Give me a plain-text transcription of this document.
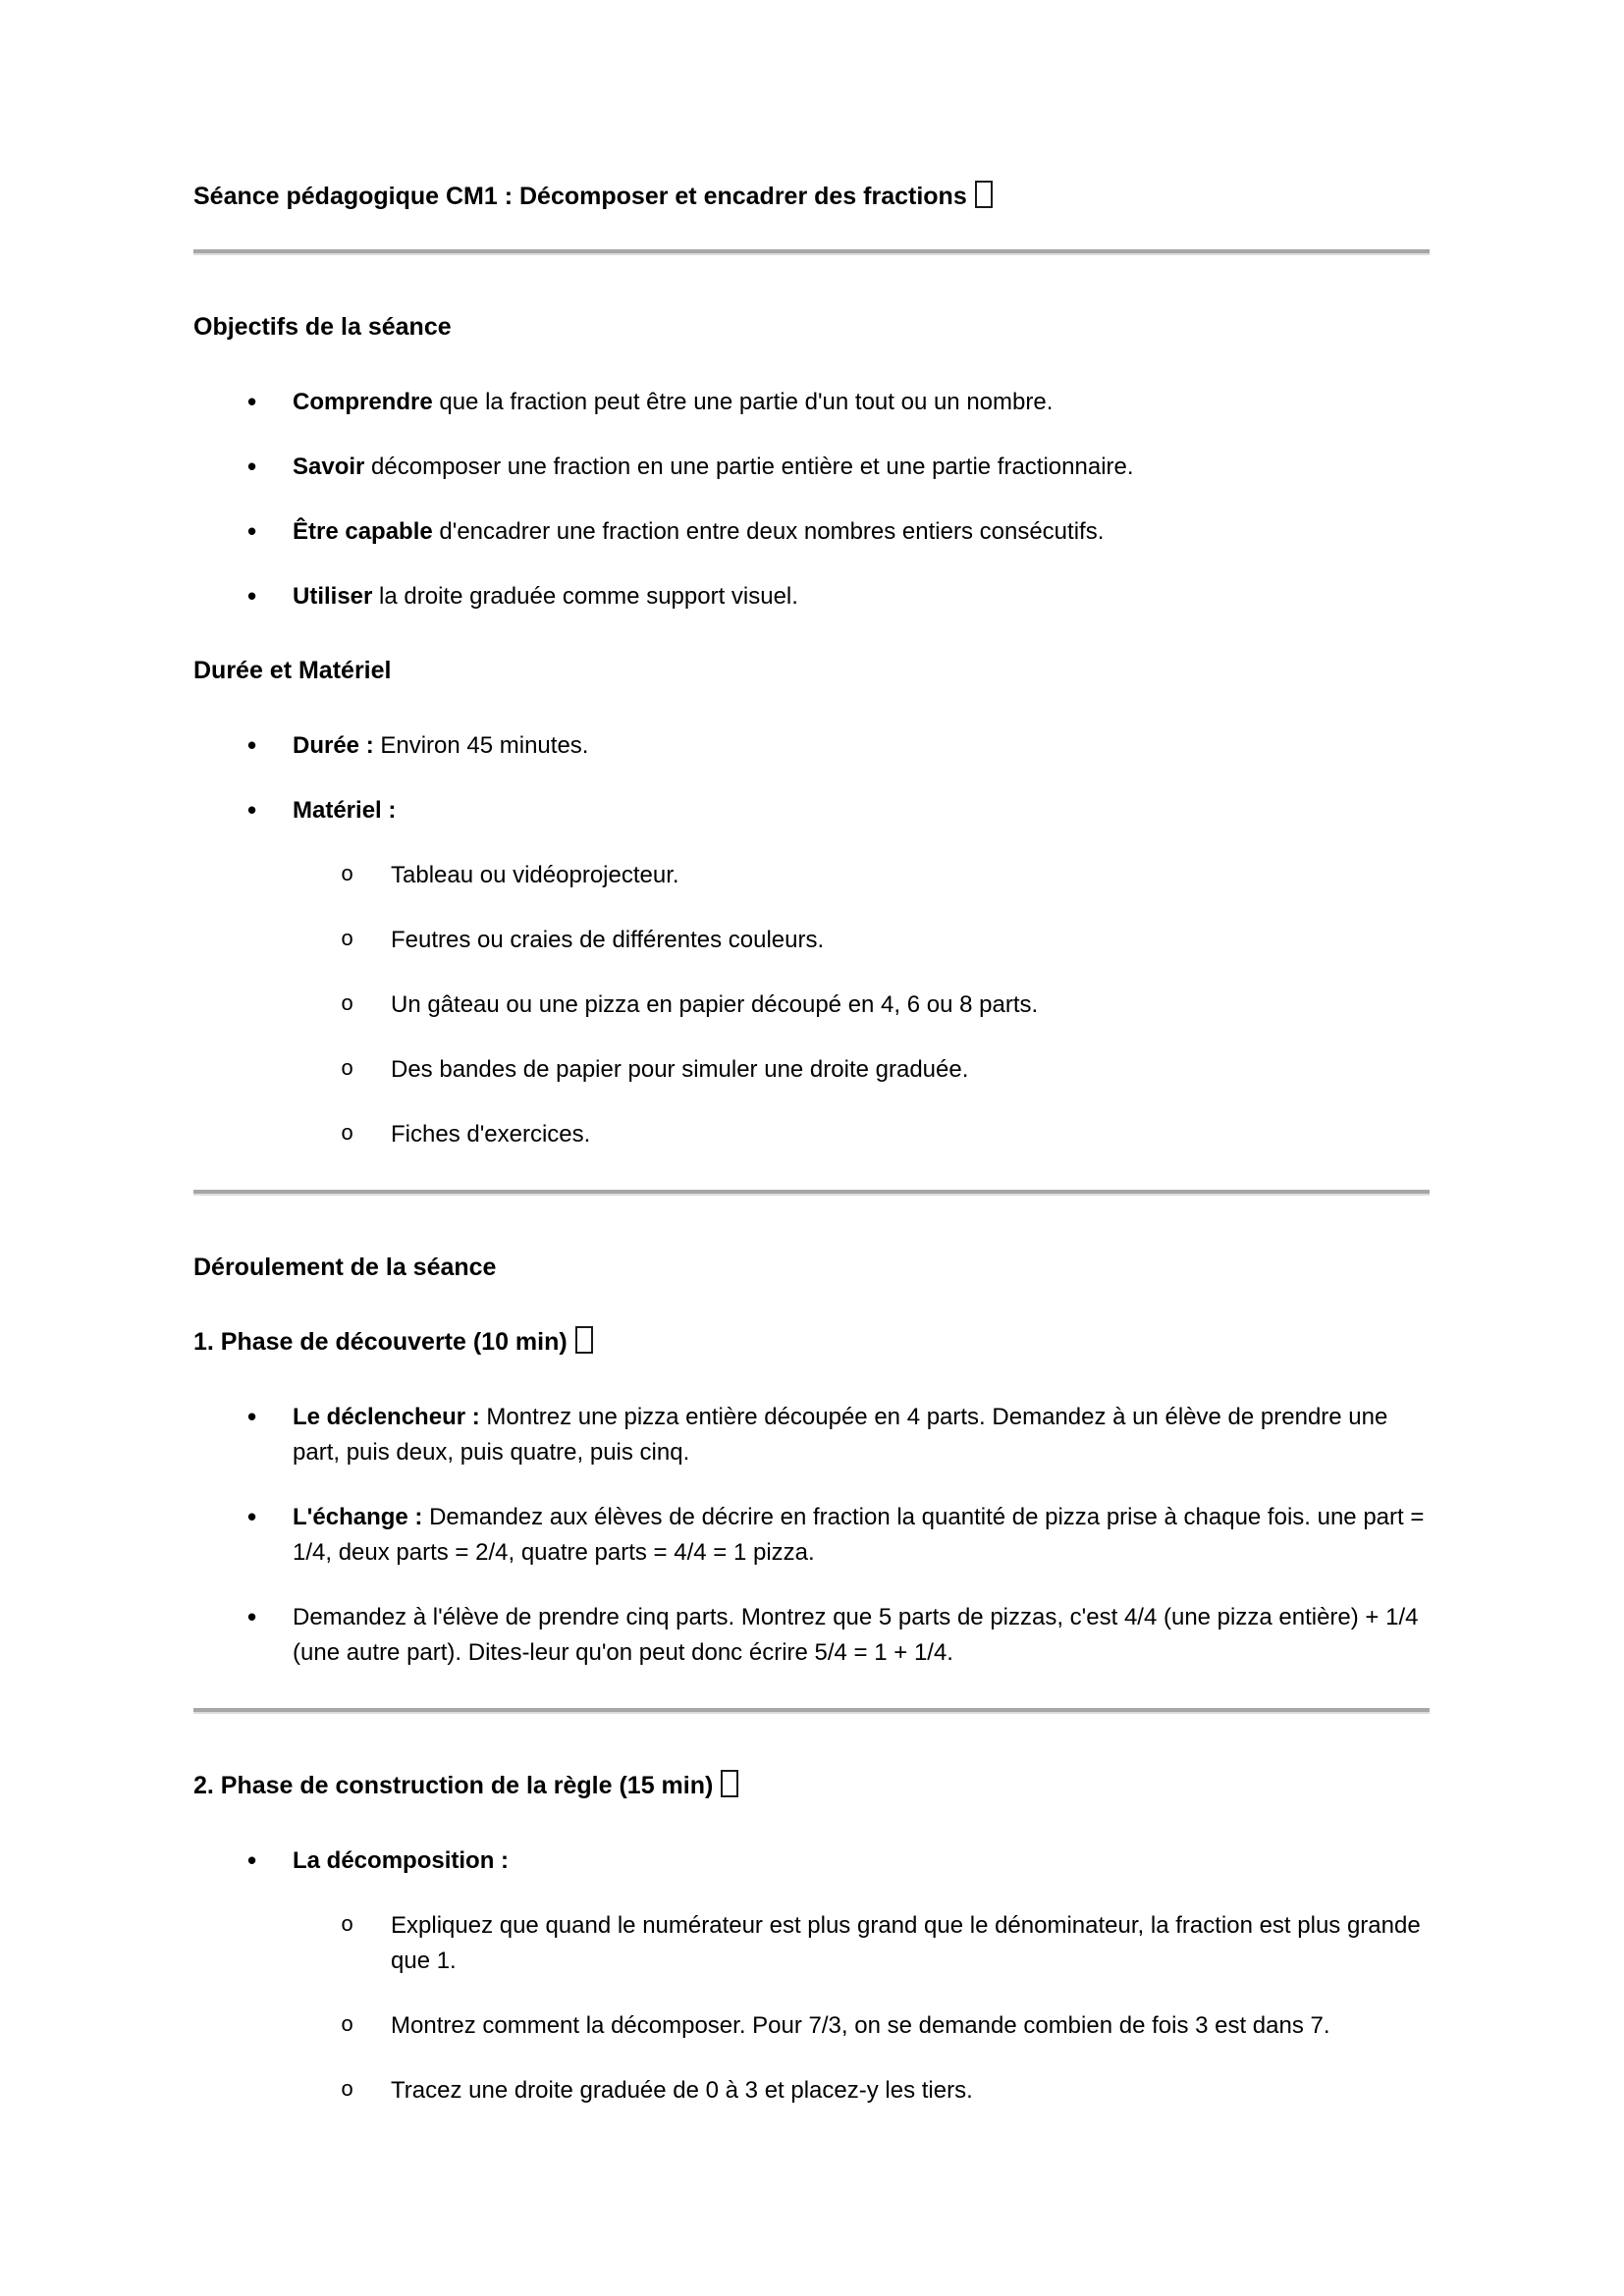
Séance pédagogique CM1 : Décomposer et encadrer des fractions
Objectifs de la séance
• Comprendre que la fraction peut être une partie d'un tout ou un nombre.
• Savoir décomposer une fraction en une partie entière et une partie fractionnaire.
• Être capable d'encadrer une fraction entre deux nombres entiers consécutifs.
• Utiliser la droite graduée comme support visuel.
Durée et Matériel
• Durée : Environ 45 minutes.
• Matériel :
o Tableau ou vidéoprojecteur.
o Feutres ou craies de différentes couleurs.
o Un gâteau ou une pizza en papier découpé en 4, 6 ou 8 parts.
o Des bandes de papier pour simuler une droite graduée.
o Fiches d'exercices.
Déroulement de la séance
1. Phase de découverte (10 min)
• Le déclencheur : Montrez une pizza entière découpée en 4 parts. Demandez à un élève de prendre une part, puis deux, puis quatre, puis cinq.
• L'échange : Demandez aux élèves de décrire en fraction la quantité de pizza prise à chaque fois. une part = 1/4, deux parts = 2/4, quatre parts = 4/4 = 1 pizza.
• Demandez à l'élève de prendre cinq parts. Montrez que 5 parts de pizzas, c'est 4/4 (une pizza entière) + 1/4 (une autre part). Dites-leur qu'on peut donc écrire 5/4 = 1 + 1/4.
2. Phase de construction de la règle (15 min)
• La décomposition :
o Expliquez que quand le numérateur est plus grand que le dénominateur, la fraction est plus grande que 1.
o Montrez comment la décomposer. Pour 7/3, on se demande combien de fois 3 est dans 7.
o Tracez une droite graduée de 0 à 3 et placez-y les tiers.
